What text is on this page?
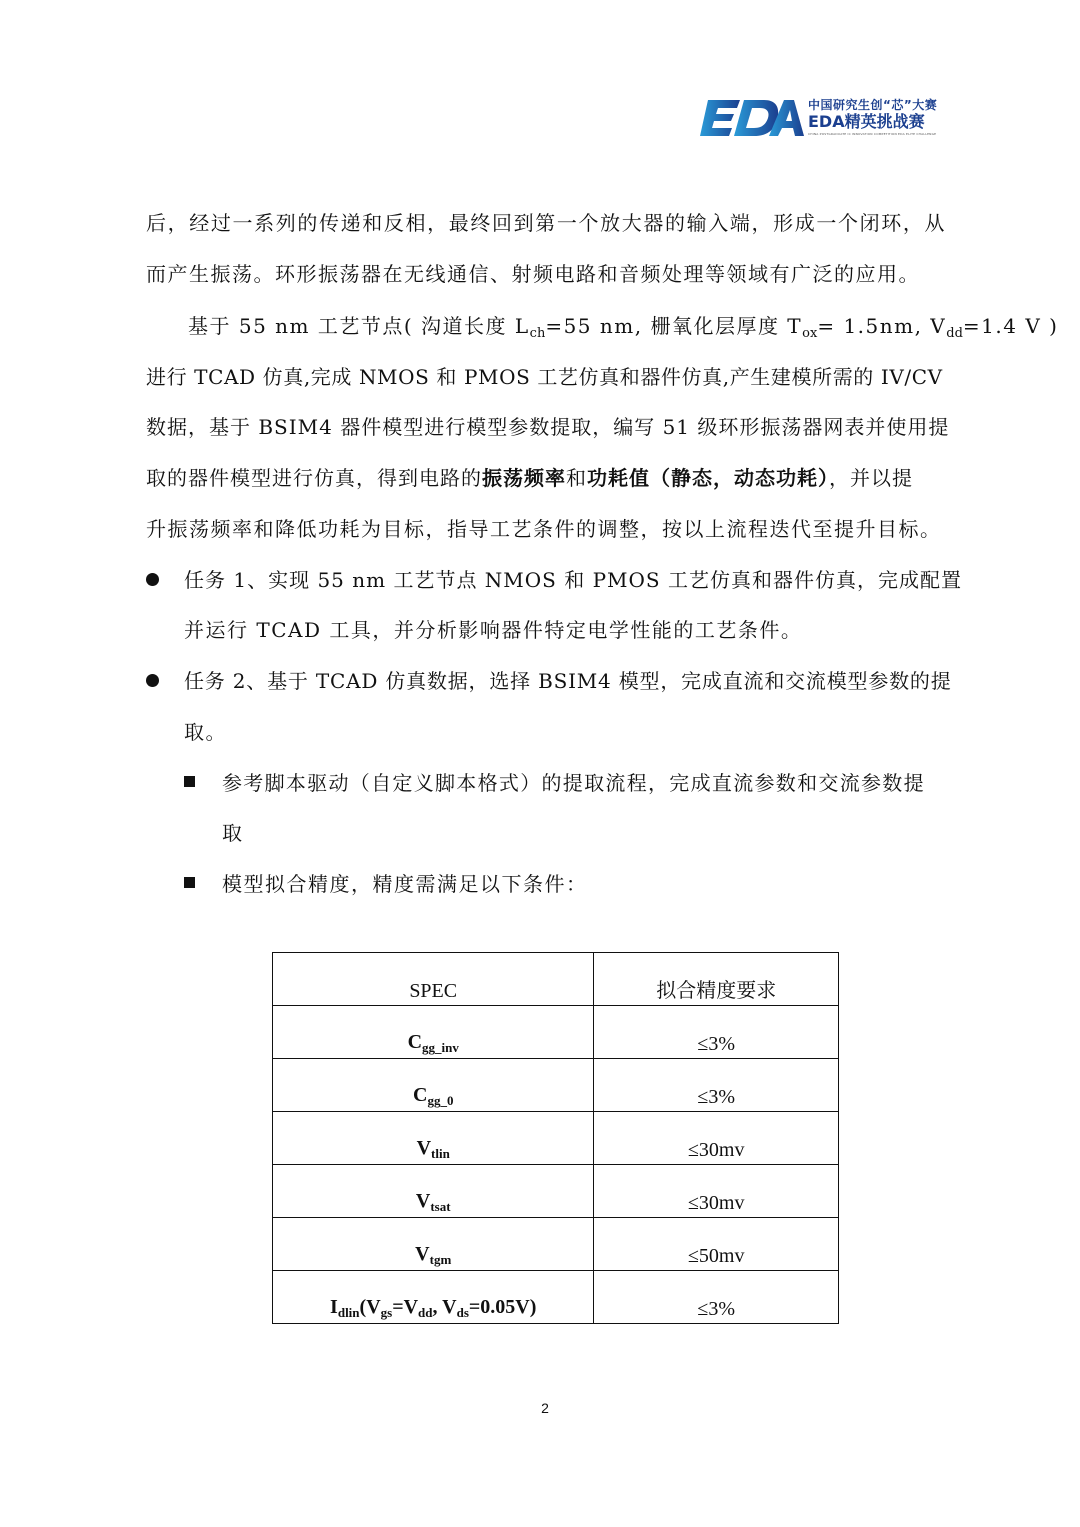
中国研究生创“芯”大赛
EDA精英挑战赛
CHINA POSTGRADUATE IC INNOVATION COMPETITION EDA ELITE CHALLENGE
后，经过一系列的传递和反相，最终回到第一个放大器的输入端，形成一个闭环，从
而产生振荡。环形振荡器在无线通信、射频电路和音频处理等领域有广泛的应用。
基于 55 nm 工艺节点( 沟道长度 $L_{ch}=55$ nm, 栅氧化层厚度 $T_{ox}= 1.5nm$, $V_{dd}=1.4$ V )
进行 TCAD 仿真,完成 NMOS 和 PMOS 工艺仿真和器件仿真,产生建模所需的 IV/CV
数据，基于 BSIM4 器件模型进行模型参数提取，编写 51 级环形振荡器网表并使用提
取的器件模型进行仿真，得到电路的振荡频率和功耗值（静态，动态功耗），并以提
升振荡频率和降低功耗为目标，指导工艺条件的调整，按以上流程迭代至提升目标。
任务 1、实现 55 nm 工艺节点 NMOS 和 PMOS 工艺仿真和器件仿真，完成配置
并运行 TCAD 工具，并分析影响器件特定电学性能的工艺条件。
任务 2、基于 TCAD 仿真数据，选择 BSIM4 模型，完成直流和交流模型参数的提
取。
参考脚本驱动（自定义脚本格式）的提取流程，完成直流参数和交流参数提
取
模型拟合精度，精度需满足以下条件：
SPEC	拟合精度要求
$C_{gg\_inv}$	≤3%
$C_{gg\_0}$	≤3%
$V_{tlin}$	≤30mv
$V_{tsat}$	≤30mv
$V_{tgm}$	≤50mv
$I_{dlin}(V_{gs}=V_{dd}$, $V_{ds}=0.05V$)	≤3%
2
